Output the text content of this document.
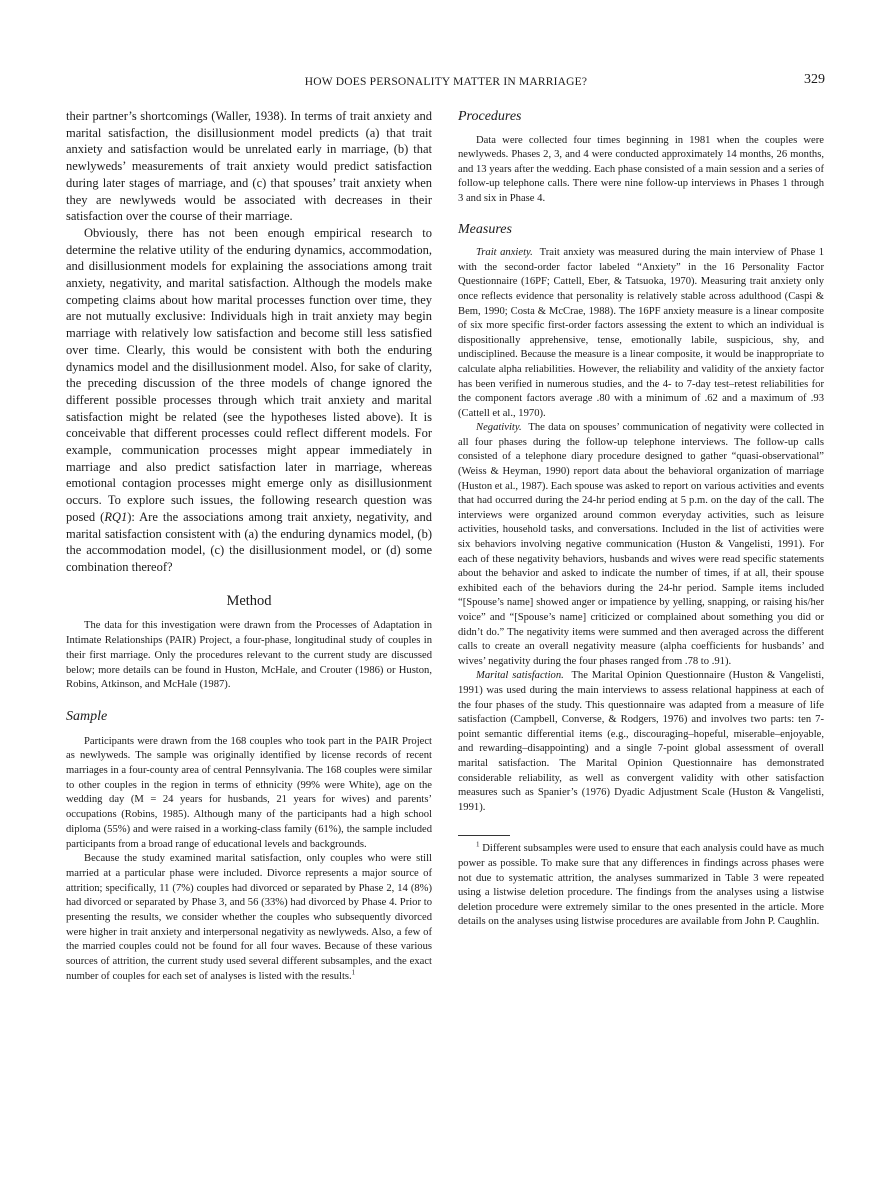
HOW DOES PERSONALITY MATTER IN MARRIAGE?	329

their partner’s shortcomings (Waller, 1938). In terms of trait anxiety and marital satisfaction, the disillusionment model predicts (a) that trait anxiety and satisfaction would be unrelated early in marriage, (b) that newlyweds’ measurements of trait anxiety would predict satisfaction during later stages of marriage, and (c) that spouses’ trait anxiety when they are newlyweds would be associated with decreases in their satisfaction over the course of their marriage.

Obviously, there has not been enough empirical research to determine the relative utility of the enduring dynamics, accommodation, and disillusionment models for explaining the associations among trait anxiety, negativity, and marital satisfaction. Although the models make competing claims about how marital processes function over time, they are not mutually exclusive: Individuals high in trait anxiety may begin marriage with relatively low satisfaction and become still less satisfied over time. Clearly, this would be consistent with both the enduring dynamics model and the disillusionment model. Also, for sake of clarity, the preceding discussion of the three models of change ignored the different possible processes through which trait anxiety and marital satisfaction might be related (see the hypotheses listed above). It is conceivable that different processes could reflect different models. For example, communication processes might appear immediately in marriage and also predict satisfaction later in marriage, whereas emotional contagion processes might emerge only as disillusionment occurs. To explore such issues, the following research question was posed (RQ1): Are the associations among trait anxiety, negativity, and marital satisfaction consistent with (a) the enduring dynamics model, (b) the accommodation model, (c) the disillusionment model, or (d) some combination thereof?

Method

The data for this investigation were drawn from the Processes of Adaptation in Intimate Relationships (PAIR) Project, a four-phase, longitudinal study of couples in their first marriage. Only the procedures relevant to the current study are discussed below; more details can be found in Huston, McHale, and Crouter (1986) or Huston, Robins, Atkinson, and McHale (1987).

Sample

Participants were drawn from the 168 couples who took part in the PAIR Project as newlyweds. The sample was originally identified by license records of recent marriages in a four-county area of central Pennsylvania. The 168 couples were similar to other couples in the region in terms of ethnicity (99% were White), age on the wedding day (M = 24 years for husbands, 21 years for wives) and parents’ occupations (Robins, 1985). Although many of the participants had a high school diploma (55%) and were raised in a working-class family (61%), the sample included participants from a broad range of educational levels and backgrounds.

Because the study examined marital satisfaction, only couples who were still married at a particular phase were included. Divorce represents a major source of attrition; specifically, 11 (7%) couples had divorced or separated by Phase 2, 14 (8%) had divorced or separated by Phase 3, and 56 (33%) had divorced by Phase 4. Prior to presenting the results, we consider whether the couples who subsequently divorced were higher in trait anxiety and interpersonal negativity as newlyweds. Also, a few of the married couples could not be found for all four waves. Because of these various sources of attrition, the current study used several different subsamples, and the exact number of couples for each set of analyses is listed with the results.$^1$

Procedures

Data were collected four times beginning in 1981 when the couples were newlyweds. Phases 2, 3, and 4 were conducted approximately 14 months, 26 months, and 13 years after the wedding. Each phase consisted of a main session and a series of follow-up telephone calls. There were nine follow-up interviews in Phases 1 through 3 and six in Phase 4.

Measures

Trait anxiety. Trait anxiety was measured during the main interview of Phase 1 with the second-order factor labeled “Anxiety” in the 16 Personality Factor Questionnaire (16PF; Cattell, Eber, & Tatsuoka, 1970). Measuring trait anxiety only once reflects evidence that personality is relatively stable across adulthood (Caspi & Bem, 1990; Costa & McCrae, 1988). The 16PF anxiety measure is a linear composite of six more specific first-order factors assessing the extent to which an individual is dispositionally apprehensive, tense, emotionally labile, suspicious, shy, and undisciplined. Because the measure is a linear composite, it would be inappropriate to calculate alpha reliabilities. However, the reliability and validity of the anxiety factor has been verified in numerous studies, and the 4- to 7-day test–retest reliabilities for the component factors average .80 with a minimum of .62 and a maximum of .93 (Cattell et al., 1970).

Negativity. The data on spouses’ communication of negativity were collected in all four phases during the follow-up telephone interviews. The follow-up calls consisted of a telephone diary procedure designed to gather “quasi-observational” (Weiss & Heyman, 1990) report data about the behavioral organization of marriage (Huston et al., 1987). Each spouse was asked to report on various activities and events that had occurred during the 24-hr period ending at 5 p.m. on the day of the call. The interviews were organized around common everyday activities, such as leisure activities, household tasks, and conversations. Included in the list of activities were six behaviors involving negative communication (Huston & Vangelisti, 1991). For each of these negativity behaviors, husbands and wives were read specific statements about the behavior and asked to indicate the number of times, if at all, their spouse exhibited each of the behaviors during the 24-hr period. Sample items included “[Spouse’s name] showed anger or impatience by yelling, snapping, or raising his/her voice” and “[Spouse’s name] criticized or complained about something you did or didn’t do.” The negativity items were summed and then averaged across the different calls to create an overall negativity measure (alpha coefficients for husbands’ and wives’ negativity during the four phases ranged from .78 to .91).

Marital satisfaction. The Marital Opinion Questionnaire (Huston & Vangelisti, 1991) was used during the main interviews to assess relational happiness at each of the four phases of the study. This questionnaire was adapted from a measure of life satisfaction (Campbell, Converse, & Rodgers, 1976) and involves two parts: ten 7-point semantic differential items (e.g., discouraging–hopeful, miserable–enjoyable, and rewarding–disappointing) and a single 7-point global assessment of overall marital satisfaction. The Marital Opinion Questionnaire has demonstrated considerable reliability, as well as convergent validity with other satisfaction measures such as Spanier’s (1976) Dyadic Adjustment Scale (Huston & Vangelisti, 1991).

$^1$ Different subsamples were used to ensure that each analysis could have as much power as possible. To make sure that any differences in findings across phases were not due to systematic attrition, the analyses summarized in Table 3 were repeated using a listwise deletion procedure. The findings from the analyses using a listwise deletion procedure were extremely similar to the ones presented in the article. More details on the analyses using listwise procedures are available from John P. Caughlin.
